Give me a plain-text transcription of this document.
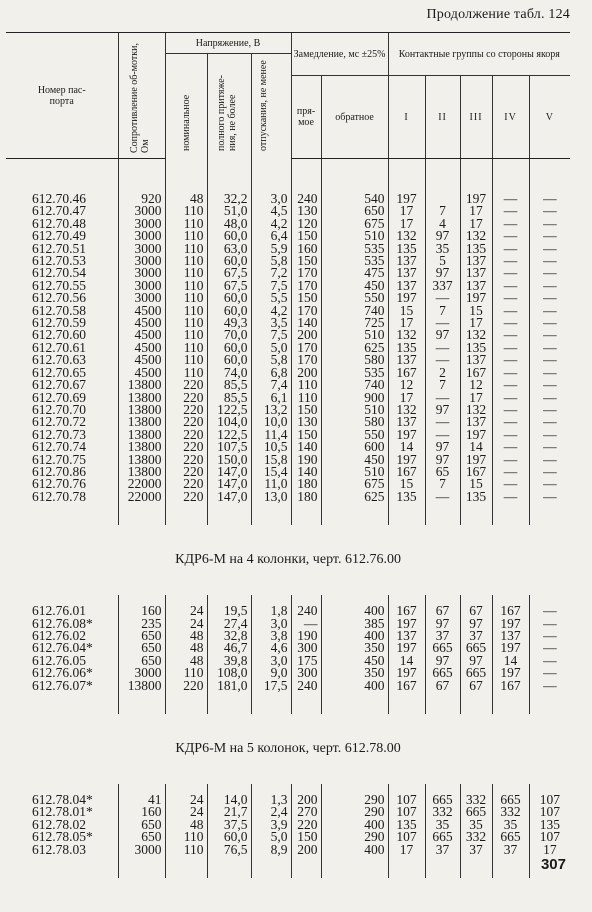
Продолжение табл. 124
Номер пас-порта	Сопротивление об-мотки, Ом	Напряжение, В			Замедление, мс ±25%		Контактные группы со стороны якоря				
		номинальное	полного притяже-ния, не более	отпускания, не менее							
					пря-мое	обратное	I	II	III	IV	V

612.70.46	920	48	32,2	3,0	240	540	197		197	—	—
612.70.47	3000	110	51,0	4,5	130	650	17	7	17	—	—
612.70.48	3000	110	48,0	4,2	120	675	17	4	17	—	—
612.70.49	3000	110	60,0	6,4	150	510	132	97	132	—	—
612.70.51	3000	110	63,0	5,9	160	535	135	35	135	—	—
612.70.53	3000	110	60,0	5,8	150	535	137	5	137	—	—
612.70.54	3000	110	67,5	7,2	170	475	137	97	137	—	—
612.70.55	3000	110	67,5	7,5	170	450	137	337	137	—	—
612.70.56	3000	110	60,0	5,5	150	550	197	—	197	—	—
612.70.58	4500	110	60,0	4,2	170	740	15	7	15	—	—
612.70.59	4500	110	49,3	3,5	140	725	17	—	17	—	—
612.70.60	4500	110	70,0	7,5	200	510	132	97	132	—	—
612.70.61	4500	110	60,0	5,0	170	625	135	—	135	—	—
612.70.63	4500	110	60,0	5,8	170	580	137	—	137	—	—
612.70.65	4500	110	74,0	6,8	200	535	167	2	167	—	—
612.70.67	13800	220	85,5	7,4	110	740	12	7	12	—	—
612.70.69	13800	220	85,5	6,1	110	900	17	—	17	—	—
612.70.70	13800	220	122,5	13,2	150	510	132	97	132	—	—
612.70.72	13800	220	104,0	10,0	130	580	137	—	137	—	—
612.70.73	13800	220	122,5	11,4	150	550	197	—	197	—	—
612.70.74	13800	220	107,5	10,5	140	600	14	97	14	—	—
612.70.75	13800	220	150,0	15,8	190	450	197	97	197	—	—
612.70.86	13800	220	147,0	15,4	140	510	167	65	167	—	—
612.70.76	22000	220	147,0	11,0	180	675	15	7	15	—	—
612.70.78	22000	220	147,0	13,0	180	625	135	—	135	—	—
КДР6-М на 4 колонки, черт. 612.76.00											

612.76.01	160	24	19,5	1,8	240	400	167	67	67	167	—
612.76.08*	235	24	27,4	3,0	—	385	197	97	97	197	—
612.76.02	650	48	32,8	3,8	190	400	137	37	37	137	—
612.76.04*	650	48	46,7	4,6	300	350	197	665	665	197	—
612.76.05	650	48	39,8	3,0	175	450	14	97	97	14	—
612.76.06*	3000	110	108,0	9,0	300	350	197	665	665	197	—
612.76.07*	13800	220	181,0	17,5	240	400	167	67	67	167	—
КДР6-М на 5 колонок, черт. 612.78.00											

612.78.04*	41	24	14,0	1,3	200	290	107	665	332	665	107
612.78.01*	160	24	21,7	2,4	270	290	107	332	665	332	107
612.78.02	650	48	37,5	3,9	220	400	135	35	35	35	135
612.78.05*	650	110	60,0	5,0	150	290	107	665	332	665	107
612.78.03	3000	110	76,5	8,9	200	400	17	37	37	37	17
307
